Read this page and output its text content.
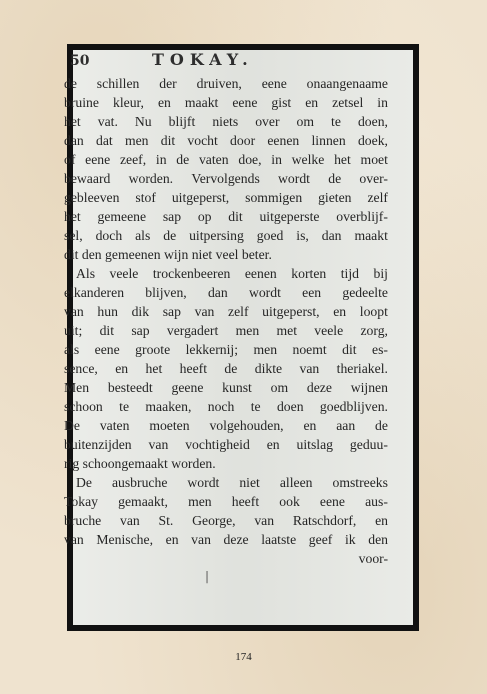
50	TOKAY.
de schillen der druiven, eene onaangenaame
bruine kleur, en maakt eene gist en zetsel in
het vat. Nu blijft niets over om te doen,
dan dat men dit vocht door eenen linnen doek,
of eene zeef, in de vaten doe, in welke het moet
bewaard worden. Vervolgends wordt de over-
gebleeven stof uitgeperst, sommigen gieten zelf
het gemeene sap op dit uitgeperste overblijf-
sel, doch als de uitpersing goed is, dan maakt
dit den gemeenen wijn niet veel beter.
Als veele trockenbeeren eenen korten tijd bij
elkanderen blijven, dan wordt een gedeelte
van hun dik sap van zelf uitgeperst, en loopt
uit; dit sap vergadert men met veele zorg,
als eene groote lekkernij; men noemt dit es-
sence, en het heeft de dikte van theriakel.
Men besteedt geene kunst om deze wijnen
schoon te maaken, noch te doen goedblijven.
De vaten moeten volgehouden, en aan de
buitenzijden van vochtigheid en uitslag geduu-
rig schoongemaakt worden.
De ausbruche wordt niet alleen omstreeks
Tokay gemaakt, men heeft ook eene aus-
bruche van St. George, van Ratschdorf, en
van Menische, en van deze laatste geef ik den
voor-
|
174
